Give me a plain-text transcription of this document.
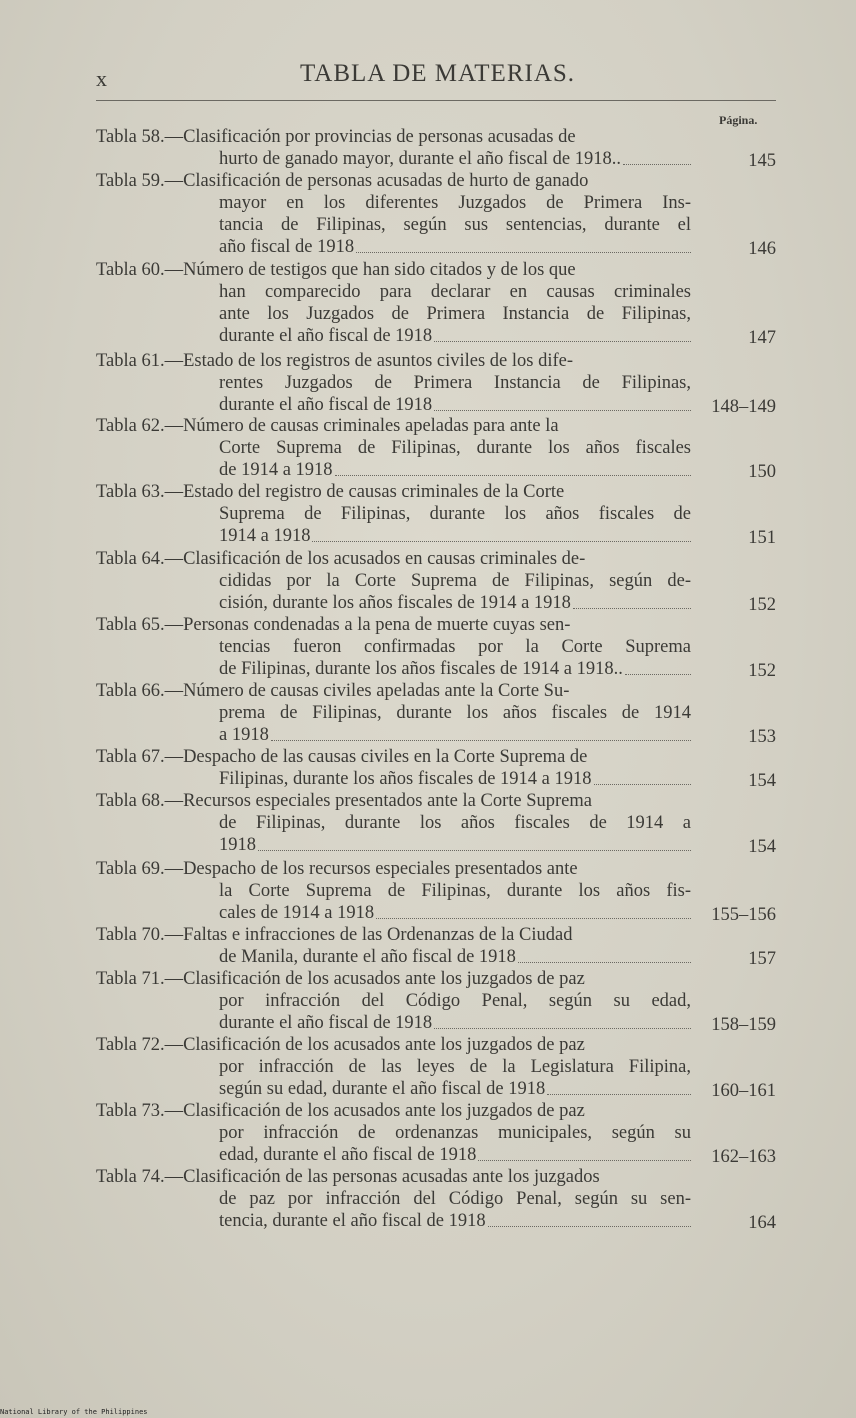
x	TABLA DE MATERIAS.
Página.
Tabla 58.—Clasificación por provincias de personas acusadas de
hurto de ganado mayor, durante el año fiscal de 1918..	145
Tabla 59.—Clasificación de personas acusadas de hurto de ganado
mayor en los diferentes Juzgados de Primera Ins-
tancia de Filipinas, según sus sentencias, durante el
año fiscal de 1918	146
Tabla 60.—Número de testigos que han sido citados y de los que
han comparecido para declarar en causas criminales
ante los Juzgados de Primera Instancia de Filipinas,
durante el año fiscal de 1918	147
Tabla 61.—Estado de los registros de asuntos civiles de los dife-
rentes Juzgados de Primera Instancia de Filipinas,
durante el año fiscal de 1918	148–149
Tabla 62.—Número de causas criminales apeladas para ante la
Corte Suprema de Filipinas, durante los años fiscales
de 1914 a 1918	150
Tabla 63.—Estado del registro de causas criminales de la Corte
Suprema de Filipinas, durante los años fiscales de
1914 a 1918	151
Tabla 64.—Clasificación de los acusados en causas criminales de-
cididas por la Corte Suprema de Filipinas, según de-
cisión, durante los años fiscales de 1914 a 1918	152
Tabla 65.—Personas condenadas a la pena de muerte cuyas sen-
tencias fueron confirmadas por la Corte Suprema
de Filipinas, durante los años fiscales de 1914 a 1918..	152
Tabla 66.—Número de causas civiles apeladas ante la Corte Su-
prema de Filipinas, durante los años fiscales de 1914
a 1918	153
Tabla 67.—Despacho de las causas civiles en la Corte Suprema de
Filipinas, durante los años fiscales de 1914 a 1918	154
Tabla 68.—Recursos especiales presentados ante la Corte Suprema
de Filipinas, durante los años fiscales de 1914 a
1918	154
Tabla 69.—Despacho de los recursos especiales presentados ante
la Corte Suprema de Filipinas, durante los años fis-
cales de 1914 a 1918	155–156
Tabla 70.—Faltas e infracciones de las Ordenanzas de la Ciudad
de Manila, durante el año fiscal de 1918	157
Tabla 71.—Clasificación de los acusados ante los juzgados de paz
por infracción del Código Penal, según su edad,
durante el año fiscal de 1918	158–159
Tabla 72.—Clasificación de los acusados ante los juzgados de paz
por infracción de las leyes de la Legislatura Filipina,
según su edad, durante el año fiscal de 1918	160–161
Tabla 73.—Clasificación de los acusados ante los juzgados de paz
por infracción de ordenanzas municipales, según su
edad, durante el año fiscal de 1918	162–163
Tabla 74.—Clasificación de las personas acusadas ante los juzgados
de paz por infracción del Código Penal, según su sen-
tencia, durante el año fiscal de 1918	164
National Library of the Philippines
